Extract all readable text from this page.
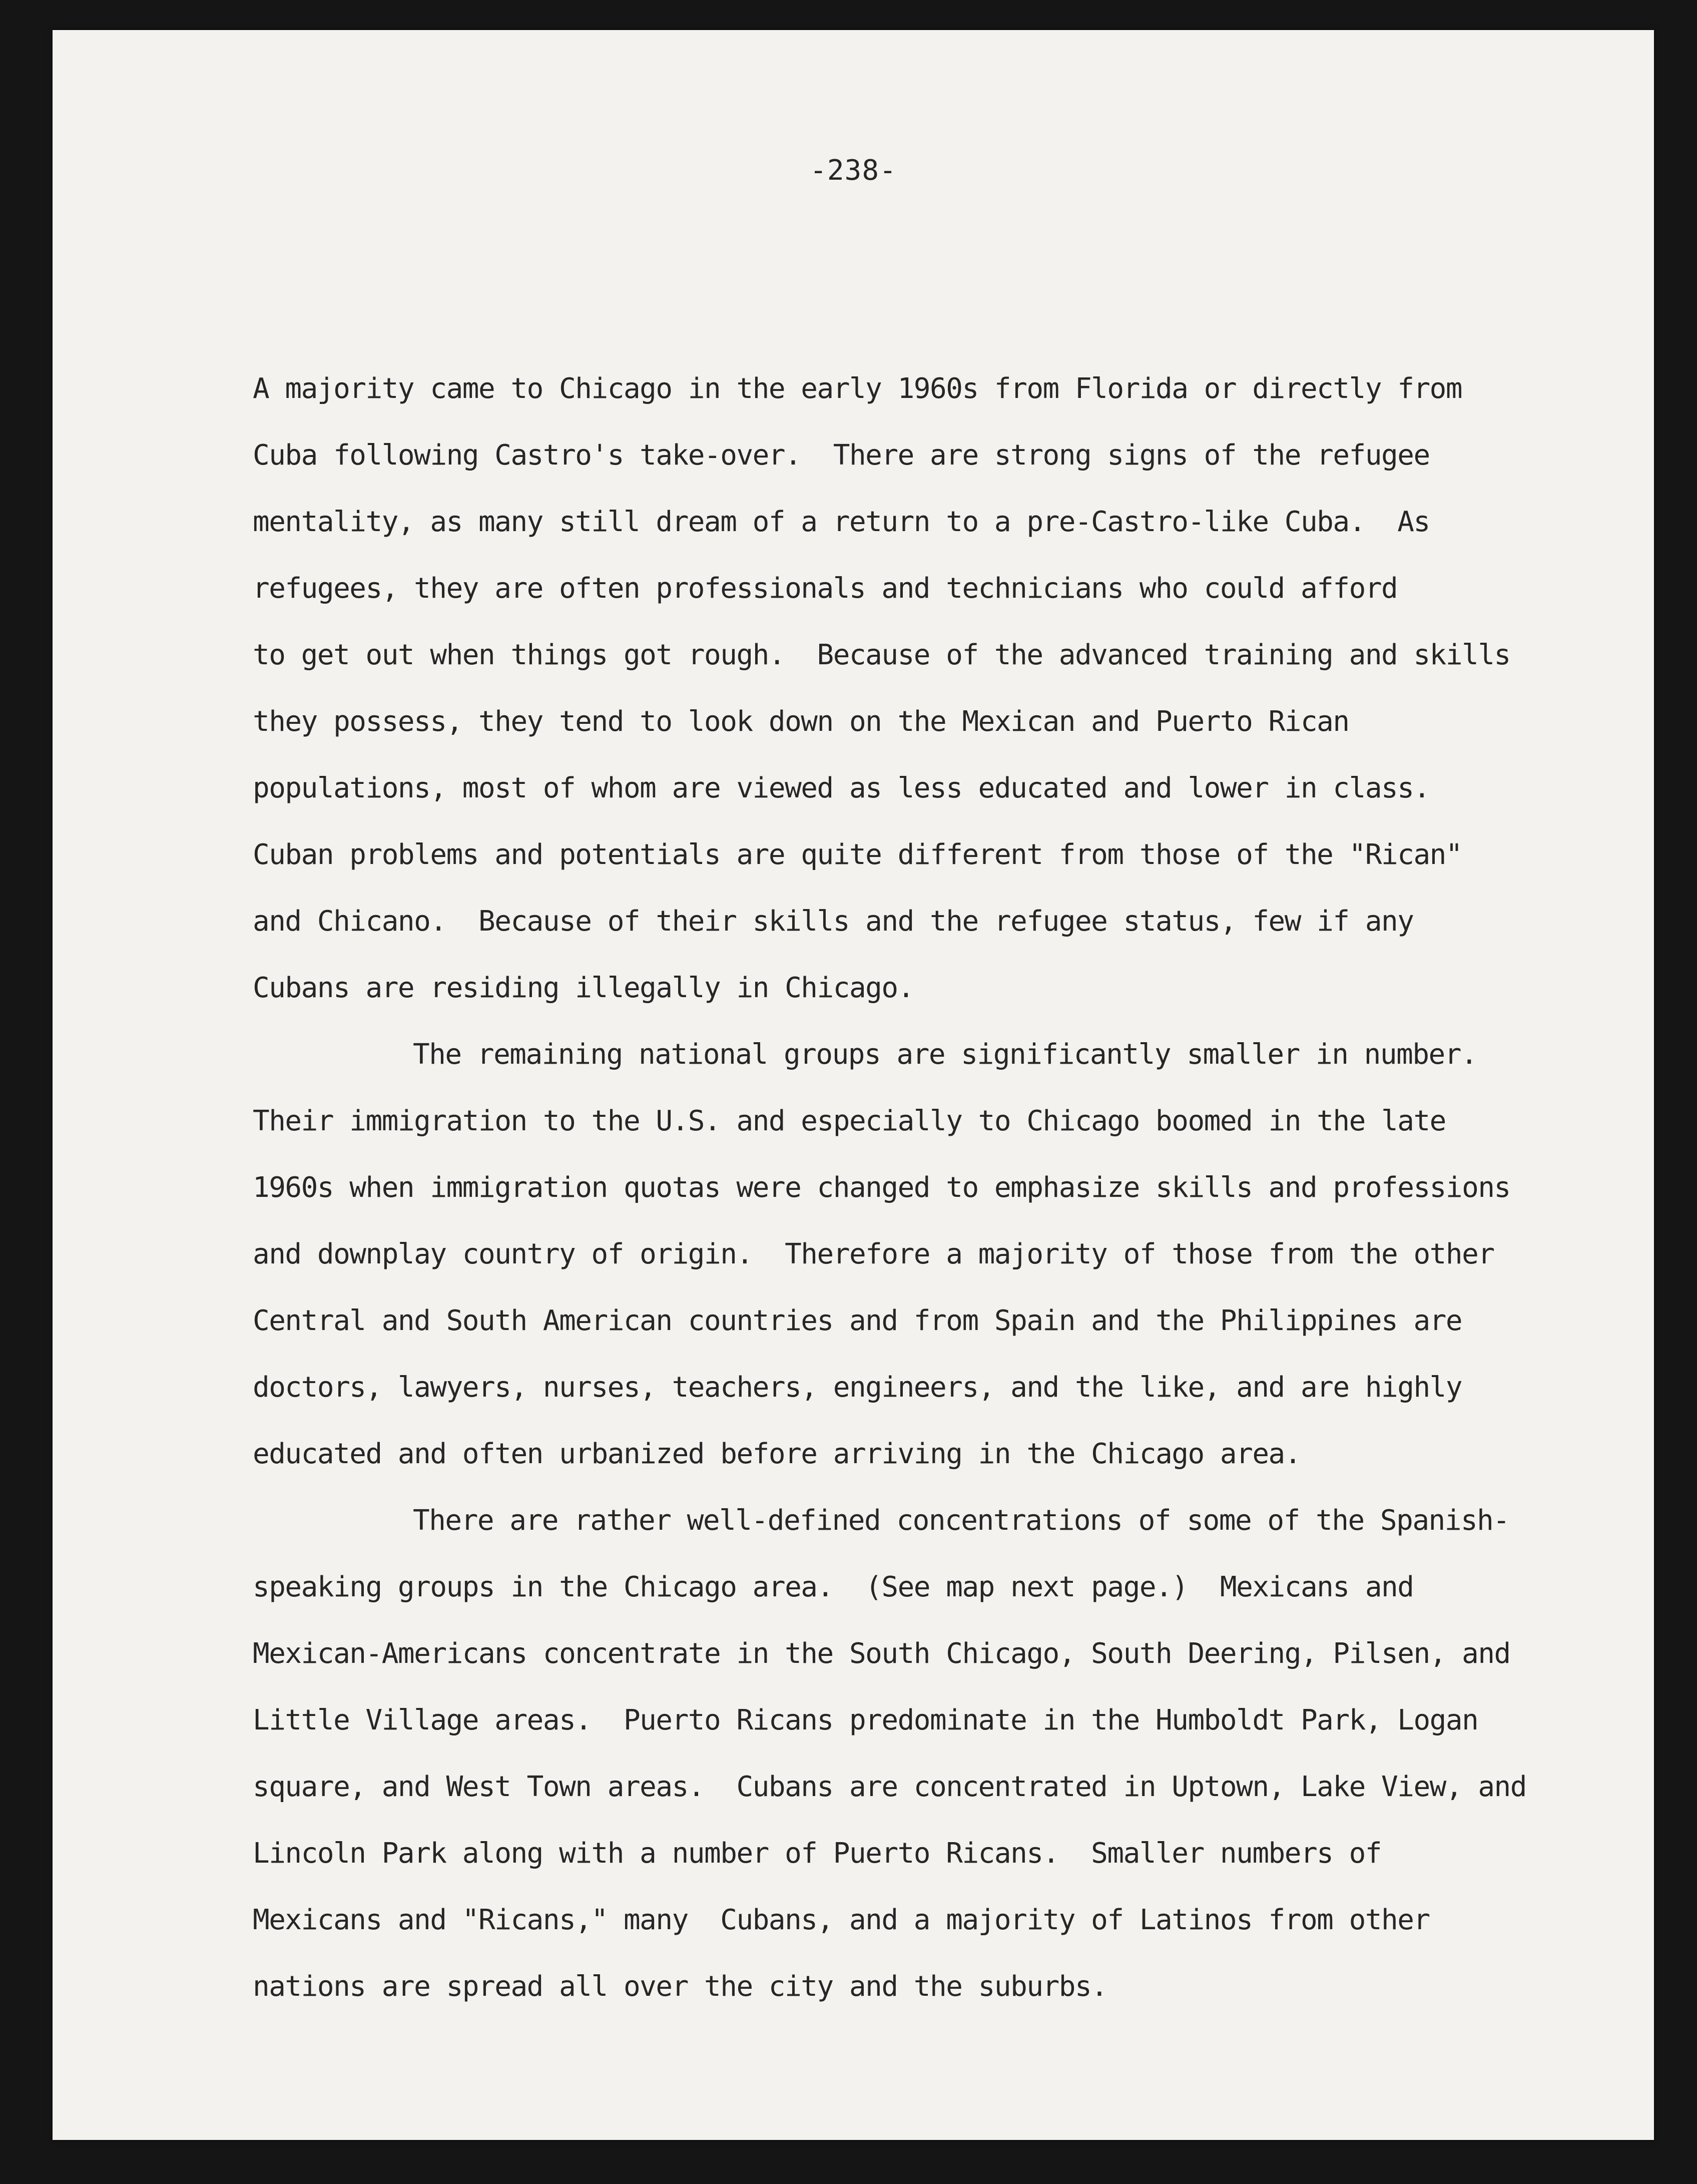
-238-
A majority came to Chicago in the early 1960s from Florida or directly from
Cuba following Castro's take-over.  There are strong signs of the refugee
mentality, as many still dream of a return to a pre-Castro-like Cuba.  As
refugees, they are often professionals and technicians who could afford
to get out when things got rough.  Because of the advanced training and skills
they possess, they tend to look down on the Mexican and Puerto Rican
populations, most of whom are viewed as less educated and lower in class.
Cuban problems and potentials are quite different from those of the "Rican"
and Chicano.  Because of their skills and the refugee status, few if any
Cubans are residing illegally in Chicago.
The remaining national groups are significantly smaller in number.
Their immigration to the U.S. and especially to Chicago boomed in the late
1960s when immigration quotas were changed to emphasize skills and professions
and downplay country of origin.  Therefore a majority of those from the other
Central and South American countries and from Spain and the Philippines are
doctors, lawyers, nurses, teachers, engineers, and the like, and are highly
educated and often urbanized before arriving in the Chicago area.
There are rather well-defined concentrations of some of the Spanish-
speaking groups in the Chicago area.  (See map next page.)  Mexicans and
Mexican-Americans concentrate in the South Chicago, South Deering, Pilsen, and
Little Village areas.  Puerto Ricans predominate in the Humboldt Park, Logan
square, and West Town areas.  Cubans are concentrated in Uptown, Lake View, and
Lincoln Park along with a number of Puerto Ricans.  Smaller numbers of
Mexicans and "Ricans," many  Cubans, and a majority of Latinos from other
nations are spread all over the city and the suburbs.
